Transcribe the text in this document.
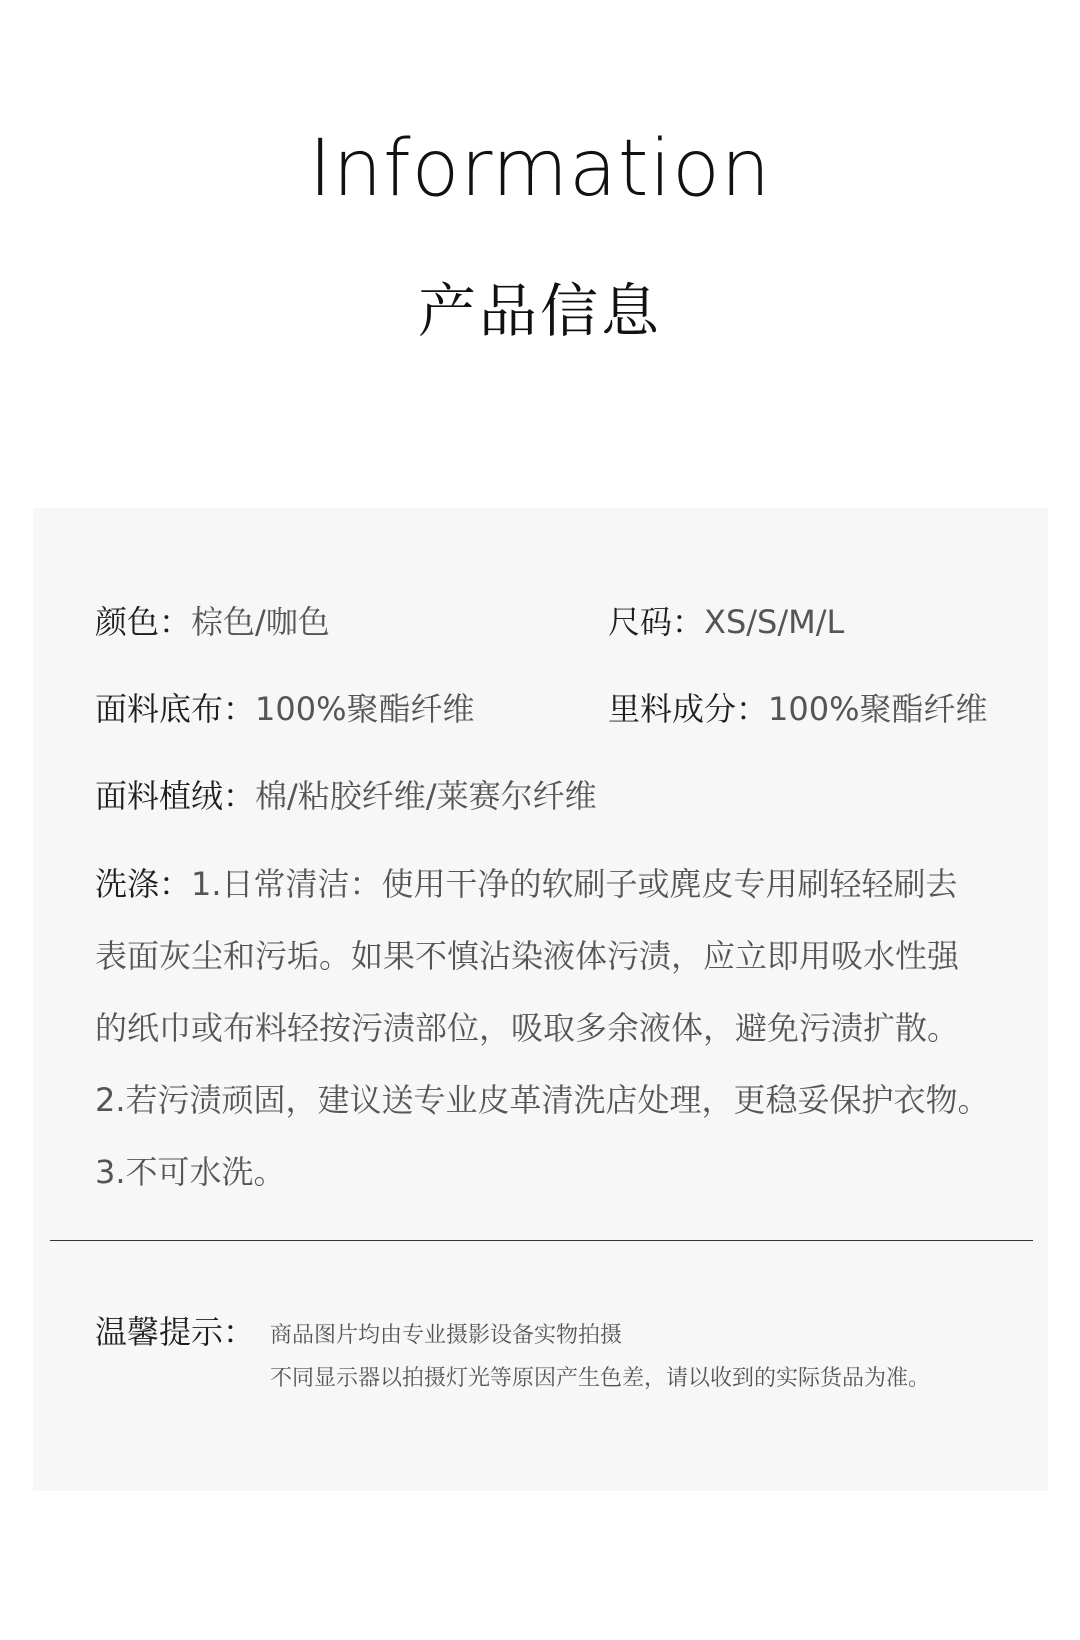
Information
产品信息
颜色：棕色/咖色	尺码：XS/S/M/L
面料底布：100%聚酯纤维	里料成分：100%聚酯纤维
面料植绒：棉/粘胶纤维/莱赛尔纤维
洗涤：1.日常清洁：使用干净的软刷子或麂皮专用刷轻轻刷去
表面灰尘和污垢。如果不慎沾染液体污渍，应立即用吸水性强
的纸巾或布料轻按污渍部位，吸取多余液体，避免污渍扩散。
2.若污渍顽固，建议送专业皮革清洗店处理，更稳妥保护衣物。
3.不可水洗。
温馨提示： 商品图片均由专业摄影设备实物拍摄
不同显示器以拍摄灯光等原因产生色差，请以收到的实际货品为准。
